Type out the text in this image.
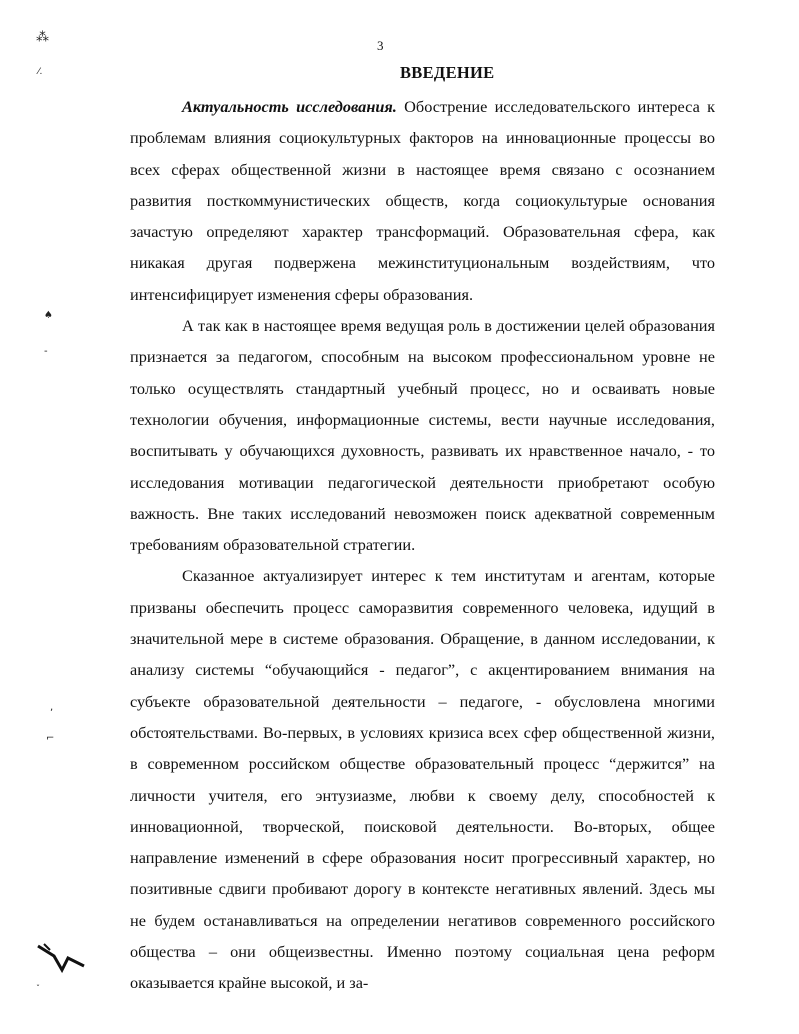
⁂
⁄.
♠
-
,
⌐
ˇ
3
ВВЕДЕНИЕ

Актуальность исследования. Обострение исследовательского интереса к проблемам влияния социокультурных факторов на инновационные процессы во всех сферах общественной жизни в настоящее время связано с осознанием развития посткоммунистических обществ, когда социокультурые основания зачастую определяют характер трансформаций. Образовательная сфера, как никакая другая подвержена межинституциональным воздействиям, что интенсифицирует изменения сферы образования.

А так как в настоящее время ведущая роль в достижении целей образования признается за педагогом, способным на высоком профессиональном уровне не только осуществлять стандартный учебный процесс, но и осваивать новые технологии обучения, информационные системы, вести научные исследования, воспитывать у обучающихся духовность, развивать их нравственное начало, - то исследования мотивации педагогической деятельности приобретают особую важность. Вне таких исследований невозможен поиск адекватной современным требованиям образовательной стратегии.

Сказанное актуализирует интерес к тем институтам и агентам, которые призваны обеспечить процесс саморазвития современного человека, идущий в значительной мере в системе образования. Обращение, в данном исследовании, к анализу системы “обучающийся - педагог”, с акцентированием внимания на субъекте образовательной деятельности – педагоге, - обусловлена многими обстоятельствами. Во-первых, в условиях кризиса всех сфер общественной жизни, в современном российском обществе образовательный процесс “держится” на личности учителя, его энтузиазме, любви к своему делу, способностей к инновационной, творческой, поисковой деятельности. Во-вторых, общее направление изменений в сфере образования носит прогрессивный характер, но позитивные сдвиги пробивают дорогу в контексте негативных явлений. Здесь мы не будем останавливаться на определении негативов современного российского общества – они общеизвестны. Именно поэтому социальная цена реформ оказывается крайне высокой, и за-
